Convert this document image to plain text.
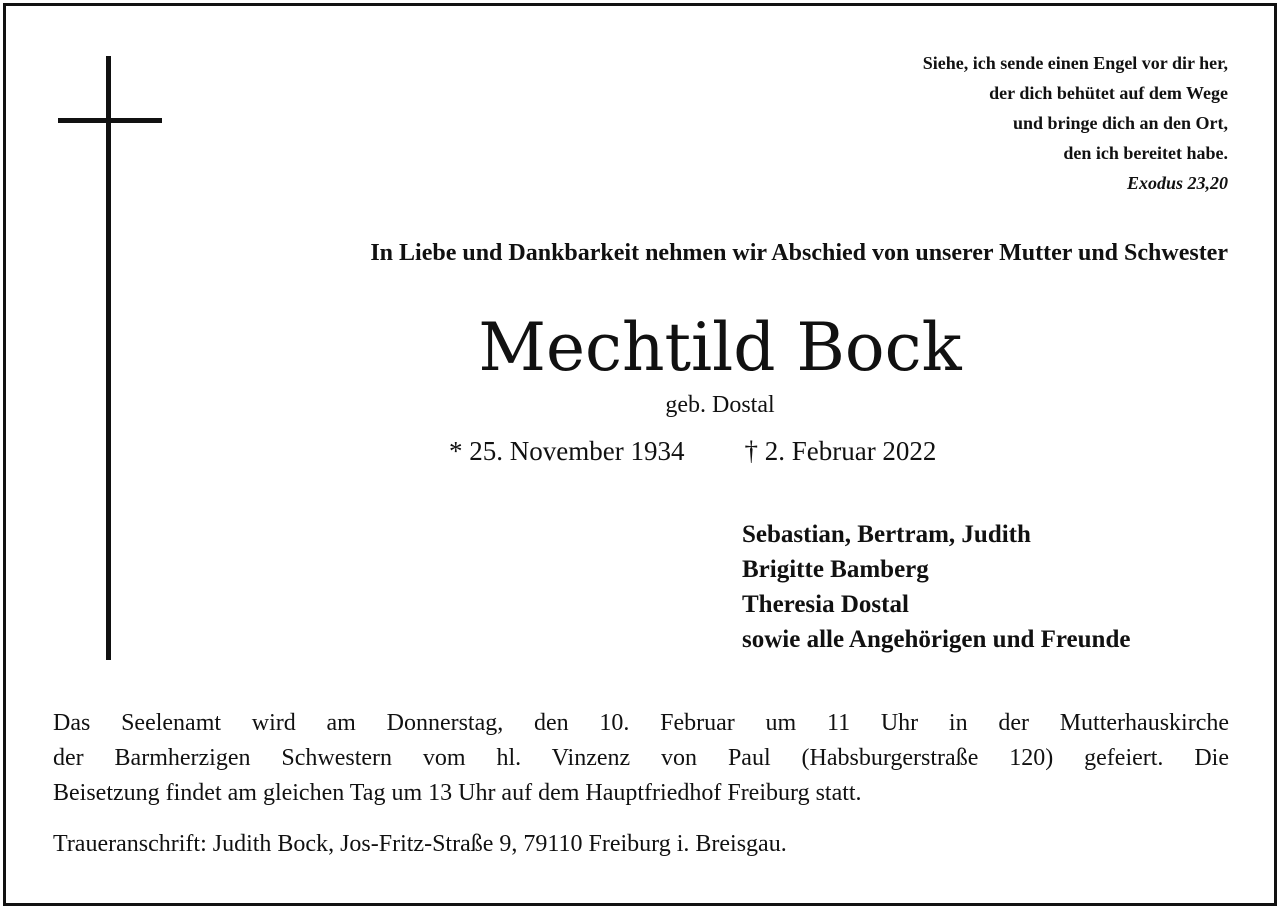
Siehe, ich sende einen Engel vor dir her,
der dich behütet auf dem Wege
und bringe dich an den Ort,
den ich bereitet habe.
Exodus 23,20
In Liebe und Dankbarkeit nehmen wir Abschied von unserer Mutter und Schwester
Mechtild Bock
geb. Dostal
* 25. November 1934 † 2. Februar 2022
Sebastian, Bertram, Judith
Brigitte Bamberg
Theresia Dostal
sowie alle Angehörigen und Freunde
Das Seelenamt wird am Donnerstag, den 10. Februar um 11 Uhr in der Mutterhauskirche
der Barmherzigen Schwestern vom hl. Vinzenz von Paul (Habsburgerstraße 120) gefeiert. Die
Beisetzung findet am gleichen Tag um 13 Uhr auf dem Hauptfriedhof Freiburg statt.
Traueranschrift: Judith Bock, Jos-Fritz-Straße 9, 79110 Freiburg i. Breisgau.
